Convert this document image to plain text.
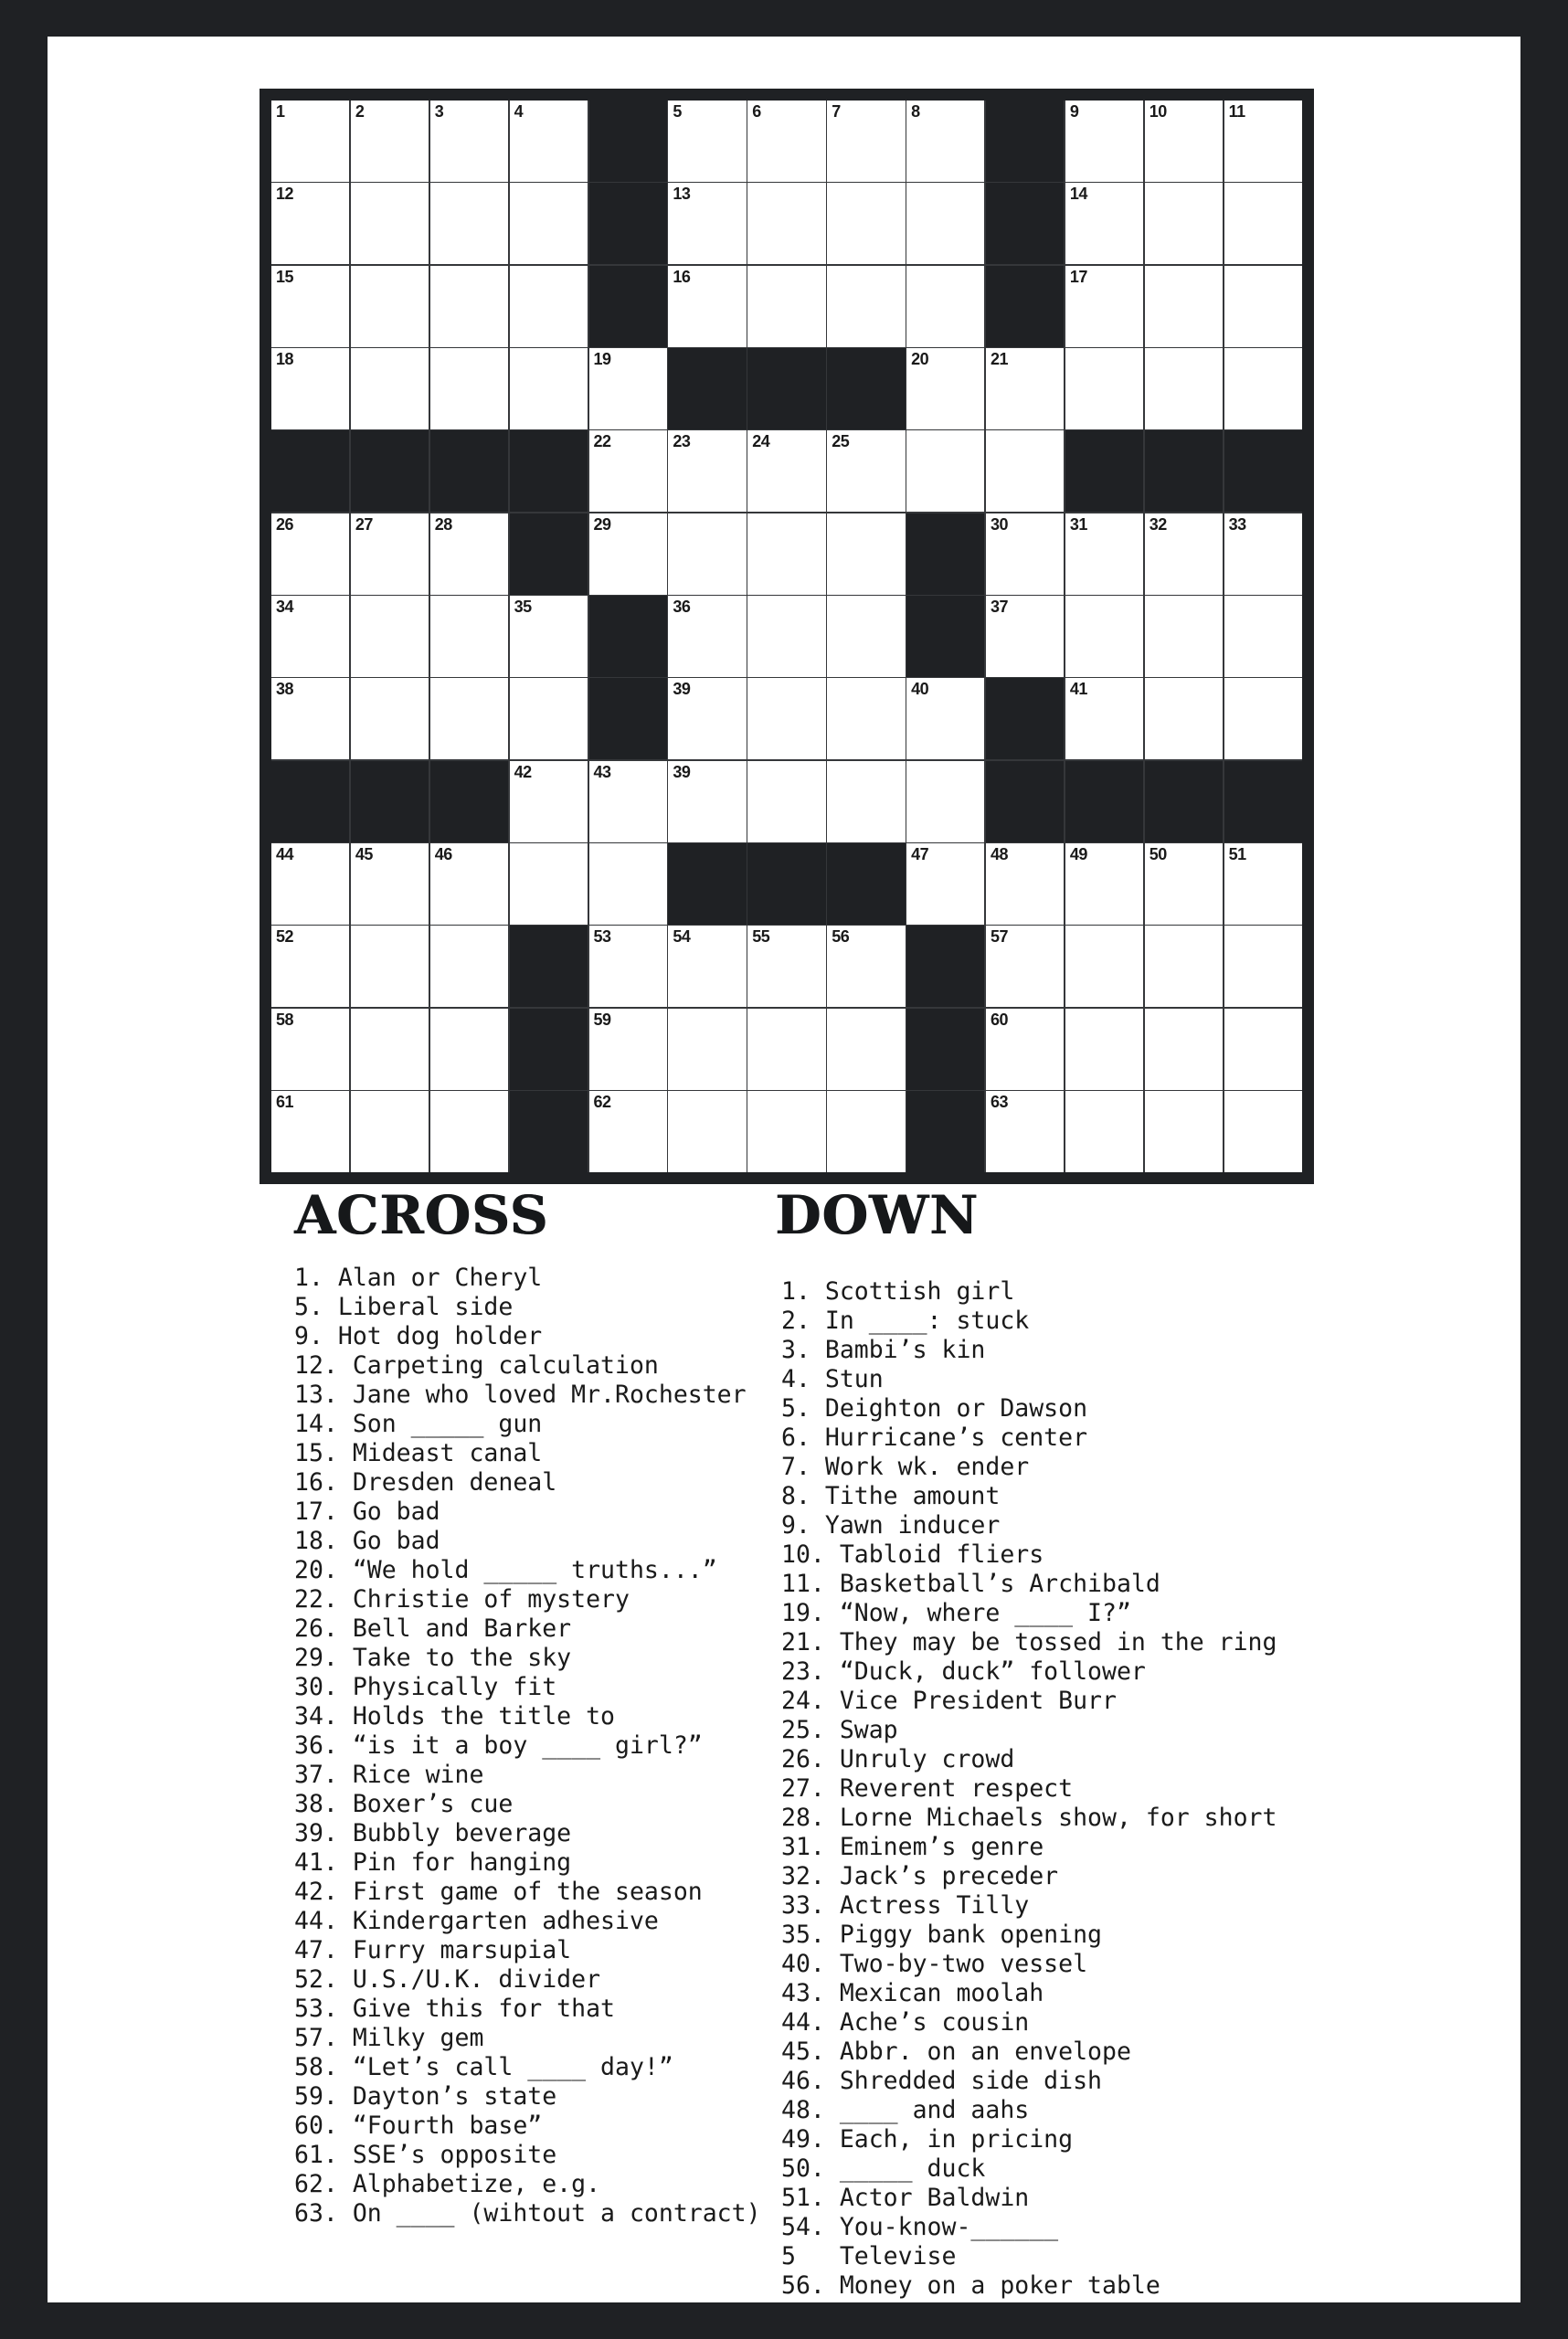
1	2	3	4	5	6	7	8	9	10	11
12	13	14
15	16	17
18	19	20	21
22	23	24	25
26	27	28	29	30	31	32	33
34	35	36	37
38	39	40	41
42	43	39
44	45	46	47	48	49	50	51
52	53	54	55	56	57
58	59	60
61	62	63
ACROSS	DOWN
1. Alan or Cheryl
5. Liberal side
9. Hot dog holder
12. Carpeting calculation
13. Jane who loved Mr.Rochester
14. Son _____ gun
15. Mideast canal
16. Dresden deneal
17. Go bad
18. Go bad
20. “We hold _____ truths...”
22. Christie of mystery
26. Bell and Barker
29. Take to the sky
30. Physically fit
34. Holds the title to
36. “is it a boy ____ girl?”
37. Rice wine
38. Boxer’s cue
39. Bubbly beverage
41. Pin for hanging
42. First game of the season
44. Kindergarten adhesive
47. Furry marsupial
52. U.S./U.K. divider
53. Give this for that
57. Milky gem
58. “Let’s call ____ day!”
59. Dayton’s state
60. “Fourth base”
61. SSE’s opposite
62. Alphabetize, e.g.
63. On ____ (wihtout a contract)
1. Scottish girl
2. In ____: stuck
3. Bambi’s kin
4. Stun
5. Deighton or Dawson
6. Hurricane’s center
7. Work wk. ender
8. Tithe amount
9. Yawn inducer
10. Tabloid fliers
11. Basketball’s Archibald
19. “Now, where ____ I?”
21. They may be tossed in the ring
23. “Duck, duck” follower
24. Vice President Burr
25. Swap
26. Unruly crowd
27. Reverent respect
28. Lorne Michaels show, for short
31. Eminem’s genre
32. Jack’s preceder
33. Actress Tilly
35. Piggy bank opening
40. Two-by-two vessel
43. Mexican moolah
44. Ache’s cousin
45. Abbr. on an envelope
46. Shredded side dish
48. ____ and aahs
49. Each, in pricing
50. _____ duck
51. Actor Baldwin
54. You-know-______
5   Televise
56. Money on a poker table
